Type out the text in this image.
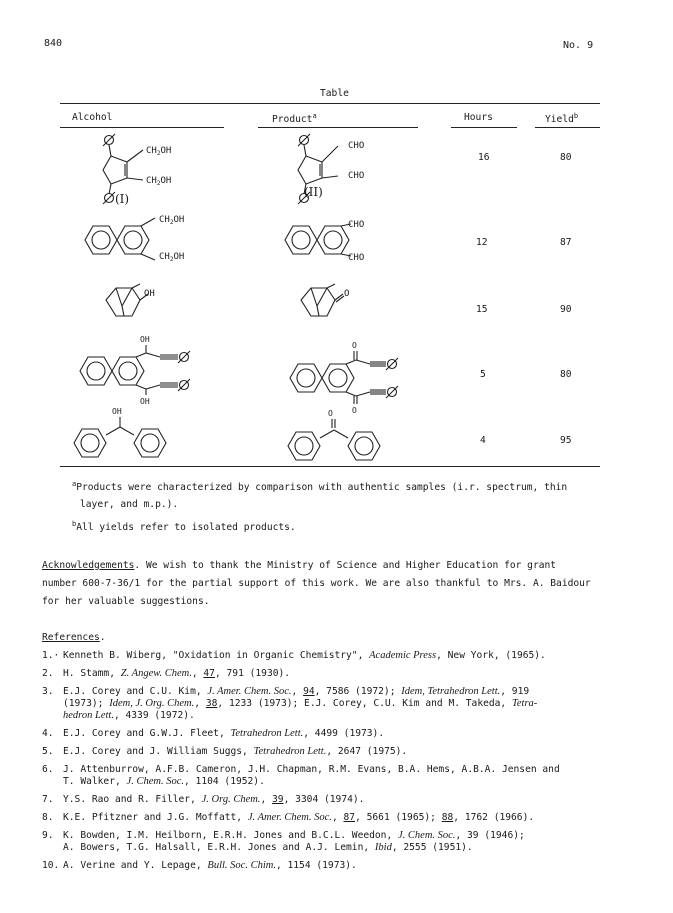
840	No. 9
Table
Alcohol	Product$^a$	Hours	Yield$^b$
$CH_2OH$
$CH_2OH$
(I)
CHO
CHO
(II)
16	80
$CH_2OH$
$CH_2OH$
CHO
CHO
12	87
OH	O
15	90
OH
OH
O
O
5	80
OH	O
4	95
$^a$Products were characterized by comparison with authentic samples (i.r. spectrum, thin
layer, and m.p.).
$^b$All yields refer to isolated products.
Acknowledgements. We wish to thank the Ministry of Science and Higher Education for grant
number 600-7-36/1 for the partial support of this work. We are also thankful to Mrs. A. Baidour
for her valuable suggestions.
References.
1.· Kenneth B. Wiberg, "Oxidation in Organic Chemistry", Academic Press, New York, (1965).
2. H. Stamm, Z. Angew. Chem., 47, 791 (1930).
3. E.J. Corey and C.U. Kim, J. Amer. Chem. Soc., 94, 7586 (1972); Idem, Tetrahedron Lett., 919
(1973); Idem, J. Org. Chem., 38, 1233 (1973); E.J. Corey, C.U. Kim and M. Takeda, Tetra-
hedron Lett., 4339 (1972).
4. E.J. Corey and G.W.J. Fleet, Tetrahedron Lett., 4499 (1973).
5. E.J. Corey and J. William Suggs, Tetrahedron Lett., 2647 (1975).
6. J. Attenburrow, A.F.B. Cameron, J.H. Chapman, R.M. Evans, B.A. Hems, A.B.A. Jensen and
T. Walker, J. Chem. Soc., 1104 (1952).
7. Y.S. Rao and R. Filler, J. Org. Chem., 39, 3304 (1974).
8. K.E. Pfitzner and J.G. Moffatt, J. Amer. Chem. Soc., 87, 5661 (1965); 88, 1762 (1966).
9. K. Bowden, I.M. Heilborn, E.R.H. Jones and B.C.L. Weedon, J. Chem. Soc., 39 (1946);
A. Bowers, T.G. Halsall, E.R.H. Jones and A.J. Lemin, Ibid, 2555 (1951).
10. A. Verine and Y. Lepage, Bull. Soc. Chim., 1154 (1973).
